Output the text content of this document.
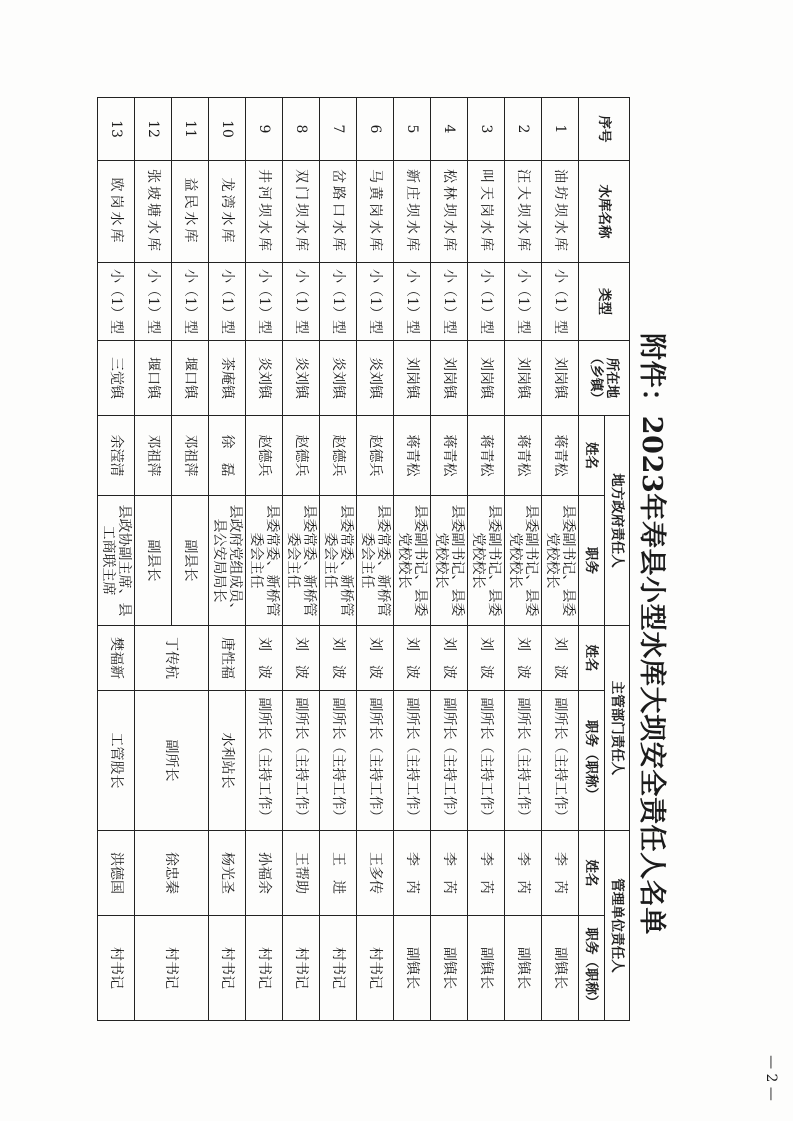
附件：2023年寿县小型水库大坝安全责任人名单
序号	水库名称	类型	所在地（乡镇）	地方政府责任人		主管部门责任人		管理单位责任人	
				姓名	职务	姓名	职务（职称）	姓名	职务（职称）
1	油坊坝水库	小（1）型	刘岗镇	蒋青松	县委副书记、县委党校校长	刘　波	副所长（主持工作）	李　芮	副镇长
2	汪大坝水库	小（1）型	刘岗镇	蒋青松	县委副书记、县委党校校长	刘　波	副所长（主持工作）	李　芮	副镇长
3	叫天岗水库	小（1）型	刘岗镇	蒋青松	县委副书记、县委党校校长	刘　波	副所长（主持工作）	李　芮	副镇长
4	松林坝水库	小（1）型	刘岗镇	蒋青松	县委副书记、县委党校校长	刘　波	副所长（主持工作）	李　芮	副镇长
5	新庄坝水库	小（1）型	刘岗镇	蒋青松	县委副书记、县委党校校长	刘　波	副所长（主持工作）	李　芮	副镇长
6	马黄岗水库	小（1）型	炎刘镇	赵德兵	县委常委、新桥管委会主任	刘　波	副所长（主持工作）	王多传	村书记
7	岔路口水库	小（1）型	炎刘镇	赵德兵	县委常委、新桥管委会主任	刘　波	副所长（主持工作）	王　进	村书记
8	双门坝水库	小（1）型	炎刘镇	赵德兵	县委常委、新桥管委会主任	刘　波	副所长（主持工作）	王帮助	村书记
9	井河坝水库	小（1）型	炎刘镇	赵德兵	县委常委、新桥管委会主任	刘　波	副所长（主持工作）	孙福余	村书记
10	龙湾水库	小（1）型	茶庵镇	徐　磊	县政府党组成员、县公安局局长	唐性福	水利站长	杨光圣	村书记
11	益民水库	小（1）型	堰口镇	邓祖萍	副县长	丁传杭	副所长	徐忠秦	村书记
12	张坡塘水库	小（1）型	堰口镇	邓祖萍	副县长				
13	欧岗水库	小（1）型	三觉镇	余滢清	县政协副主席、县工商联主席	樊福新	工管股长	洪德国	村书记
— 2 —
